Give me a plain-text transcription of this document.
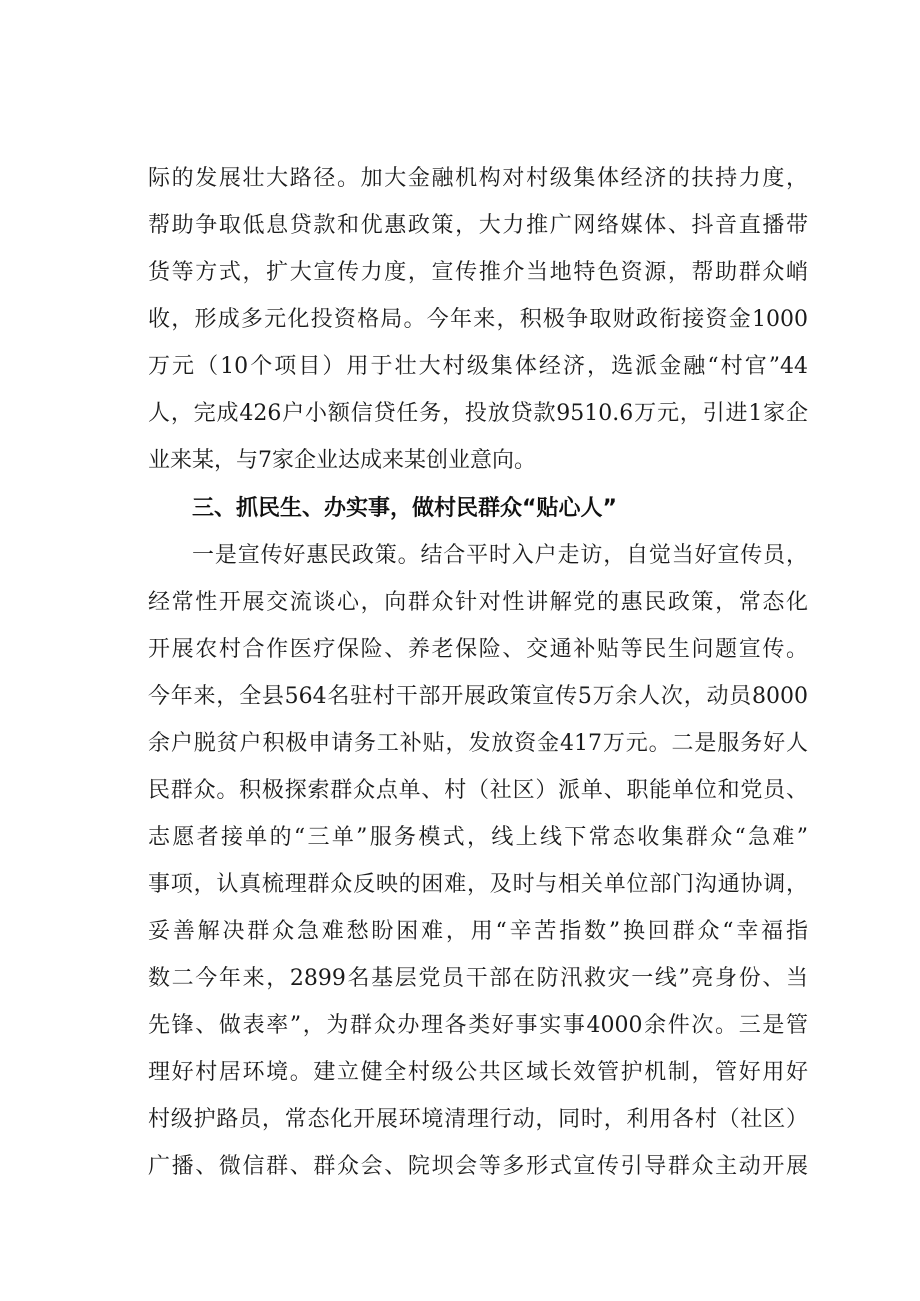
际的发展壮大路径。加大金融机构对村级集体经济的扶持力度，
帮助争取低息贷款和优惠政策，大力推广网络媒体、抖音直播带
货等方式，扩大宣传力度，宣传推介当地特色资源，帮助群众峭
收，形成多元化投资格局。今年来，积极争取财政衔接资金1000
万元（10个项目）用于壮大村级集体经济，选派金融“村官”44
人，完成426户小额信贷任务，投放贷款9510.6万元，引进1家企
业来某，与7家企业达成来某创业意向。
三、抓民生、办实事，做村民群众“贴心人”
一是宣传好惠民政策。结合平时入户走访，自觉当好宣传员，
经常性开展交流谈心，向群众针对性讲解党的惠民政策，常态化
开展农村合作医疗保险、养老保险、交通补贴等民生问题宣传。
今年来，全县564名驻村干部开展政策宣传5万余人次，动员8000
余户脱贫户积极申请务工补贴，发放资金417万元。二是服务好人
民群众。积极探索群众点单、村（社区）派单、职能单位和党员、
志愿者接单的“三单”服务模式，线上线下常态收集群众“急难”
事项，认真梳理群众反映的困难，及时与相关单位部门沟通协调，
妥善解决群众急难愁盼困难，用“辛苦指数”换回群众“幸福指
数二今年来，2899名基层党员干部在防汛救灾一线”亮身份、当
先锋、做表率”，为群众办理各类好事实事4000余件次。三是管
理好村居环境。建立健全村级公共区域长效管护机制，管好用好
村级护路员，常态化开展环境清理行动，同时，利用各村（社区）
广播、微信群、群众会、院坝会等多形式宣传引导群众主动开展
